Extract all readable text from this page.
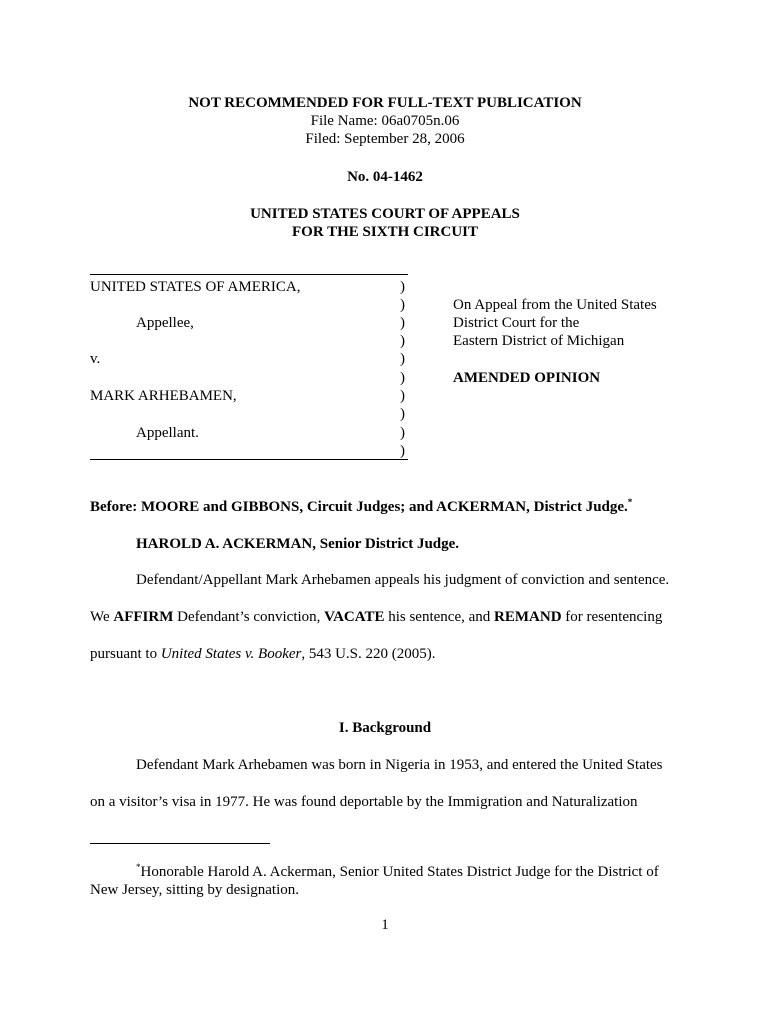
NOT RECOMMENDED FOR FULL-TEXT PUBLICATION
File Name: 06a0705n.06
Filed: September 28, 2006
No. 04-1462
UNITED STATES COURT OF APPEALS
FOR THE SIXTH CIRCUIT
UNITED STATES OF AMERICA,
Appellee,
v.
MARK ARHEBAMEN,
Appellant.
)
)
)
)
)
)
)
)
)
)
On Appeal from the United States
District Court for the
Eastern District of Michigan
AMENDED OPINION
Before: MOORE and GIBBONS, Circuit Judges; and ACKERMAN, District Judge.*
HAROLD A. ACKERMAN, Senior District Judge.
Defendant/Appellant Mark Arhebamen appeals his judgment of conviction and sentence.
We AFFIRM Defendant’s conviction, VACATE his sentence, and REMAND for resentencing
pursuant to United States v. Booker, 543 U.S. 220 (2005).
I. Background
Defendant Mark Arhebamen was born in Nigeria in 1953, and entered the United States
on a visitor’s visa in 1977. He was found deportable by the Immigration and Naturalization
*Honorable Harold A. Ackerman, Senior United States District Judge for the District of
New Jersey, sitting by designation.
1
